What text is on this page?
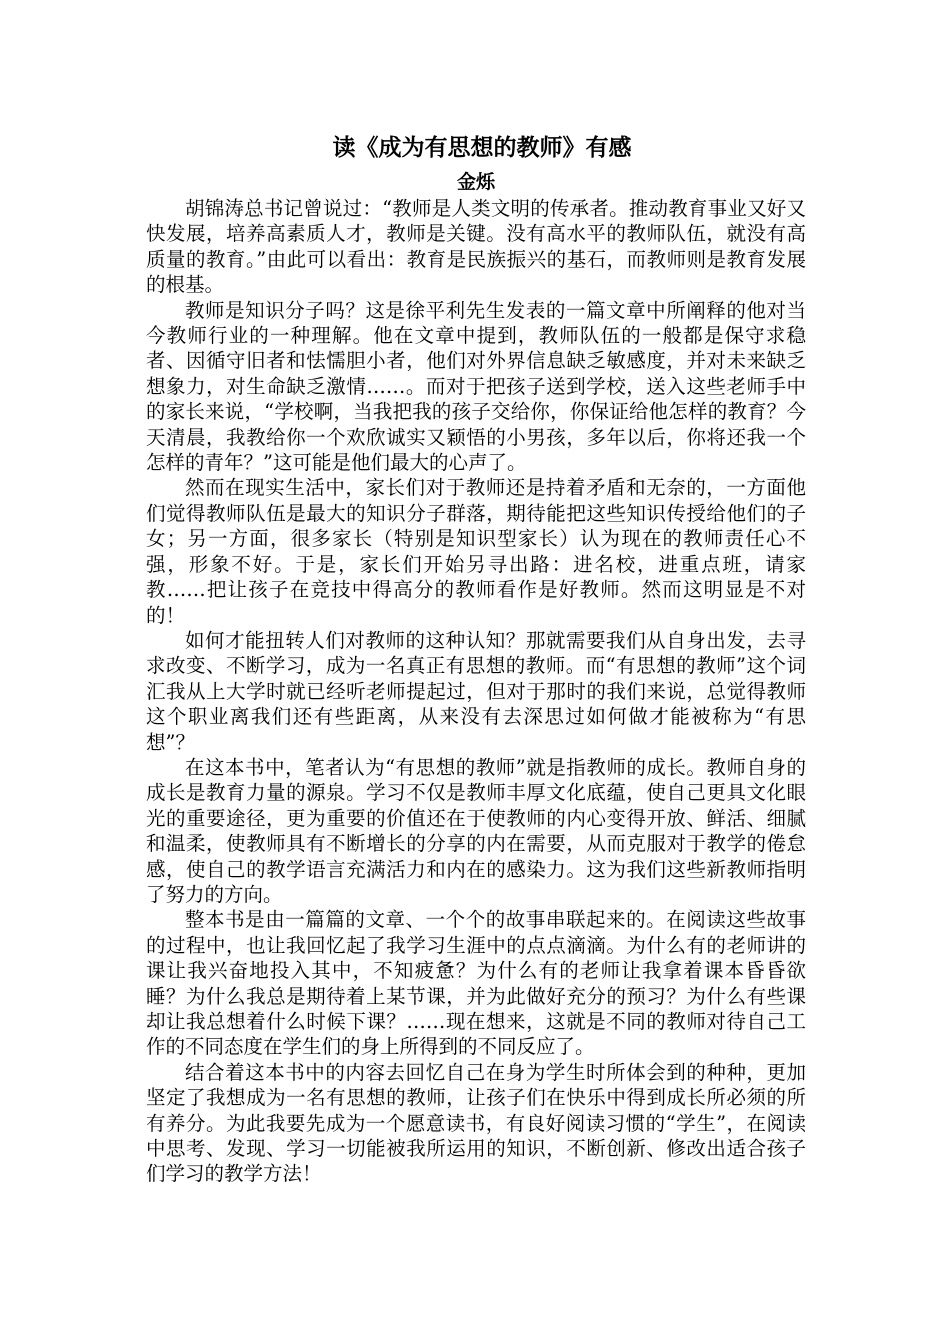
读《成为有思想的教师》有感
金烁

胡锦涛总书记曾说过：“教师是人类文明的传承者。推动教育事业又好又快发展，培养高素质人才，教师是关键。没有高水平的教师队伍，就没有高质量的教育。”由此可以看出：教育是民族振兴的基石，而教师则是教育发展的根基。

教师是知识分子吗？这是徐平利先生发表的一篇文章中所阐释的他对当今教师行业的一种理解。他在文章中提到，教师队伍的一般都是保守求稳者、因循守旧者和怯懦胆小者，他们对外界信息缺乏敏感度，并对未来缺乏想象力，对生命缺乏激情……。而对于把孩子送到学校，送入这些老师手中的家长来说，“学校啊，当我把我的孩子交给你，你保证给他怎样的教育？今天清晨，我教给你一个欢欣诚实又颖悟的小男孩，多年以后，你将还我一个怎样的青年？”这可能是他们最大的心声了。

然而在现实生活中，家长们对于教师还是持着矛盾和无奈的，一方面他们觉得教师队伍是最大的知识分子群落，期待能把这些知识传授给他们的子女；另一方面，很多家长（特别是知识型家长）认为现在的教师责任心不强，形象不好。于是，家长们开始另寻出路：进名校，进重点班，请家教……把让孩子在竞技中得高分的教师看作是好教师。然而这明显是不对的！

如何才能扭转人们对教师的这种认知？那就需要我们从自身出发，去寻求改变、不断学习，成为一名真正有思想的教师。而“有思想的教师”这个词汇我从上大学时就已经听老师提起过，但对于那时的我们来说，总觉得教师这个职业离我们还有些距离，从来没有去深思过如何做才能被称为“有思想”？

在这本书中，笔者认为“有思想的教师”就是指教师的成长。教师自身的成长是教育力量的源泉。学习不仅是教师丰厚文化底蕴，使自己更具文化眼光的重要途径，更为重要的价值还在于使教师的内心变得开放、鲜活、细腻和温柔，使教师具有不断增长的分享的内在需要，从而克服对于教学的倦怠感，使自己的教学语言充满活力和内在的感染力。这为我们这些新教师指明了努力的方向。

整本书是由一篇篇的文章、一个个的故事串联起来的。在阅读这些故事的过程中，也让我回忆起了我学习生涯中的点点滴滴。为什么有的老师讲的课让我兴奋地投入其中，不知疲惫？为什么有的老师让我拿着课本昏昏欲睡？为什么我总是期待着上某节课，并为此做好充分的预习？为什么有些课却让我总想着什么时候下课？……现在想来，这就是不同的教师对待自己工作的不同态度在学生们的身上所得到的不同反应了。

结合着这本书中的内容去回忆自己在身为学生时所体会到的种种，更加坚定了我想成为一名有思想的教师，让孩子们在快乐中得到成长所必须的所有养分。为此我要先成为一个愿意读书，有良好阅读习惯的“学生”，在阅读中思考、发现、学习一切能被我所运用的知识，不断创新、修改出适合孩子们学习的教学方法！
